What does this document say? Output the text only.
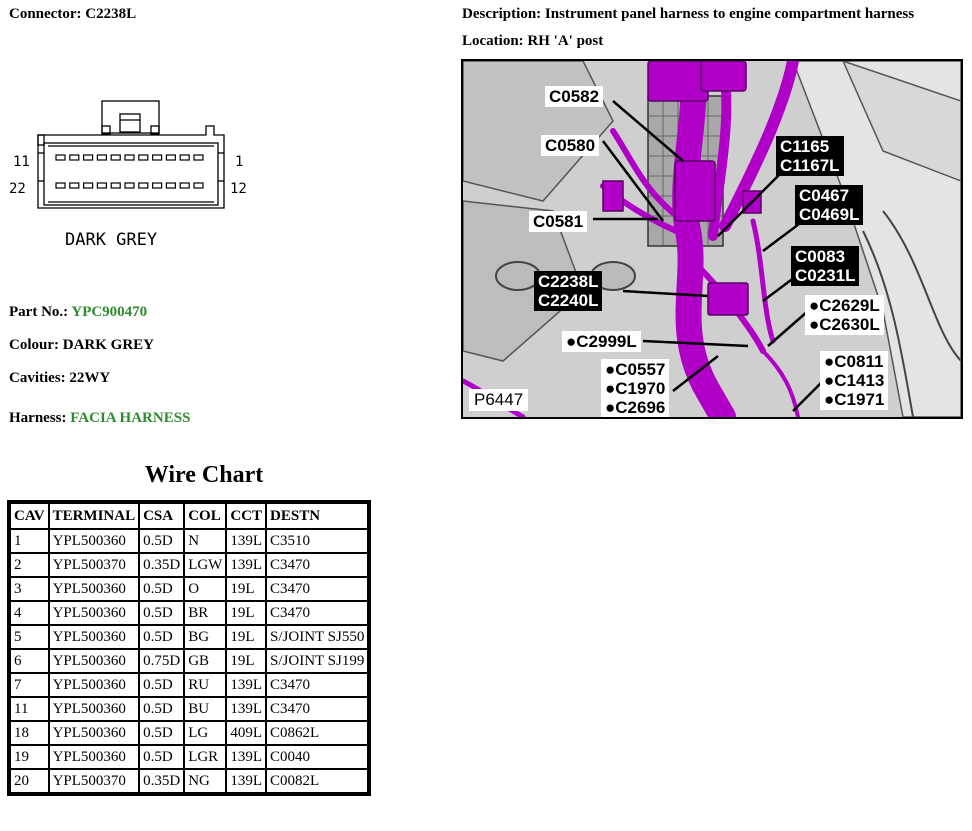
Connector: C2238L	Description: Instrument panel harness to engine compartment harness
Location: RH 'A' post
11	1
22	12
DARK GREY
Part No.: YPC900470
Colour: DARK GREY
Cavities: 22WY
Harness: FACIA HARNESS
Wire Chart
CAV	TERMINAL	CSA	COL	CCT	DESTN
1	YPL500360	0.5D	N	139L	C3510
2	YPL500370	0.35D	LGW	139L	C3470
3	YPL500360	0.5D	O	19L	C3470
4	YPL500360	0.5D	BR	19L	C3470
5	YPL500360	0.5D	BG	19L	S/JOINT SJ550
6	YPL500360	0.75D	GB	19L	S/JOINT SJ199
7	YPL500360	0.5D	RU	139L	C3470
11	YPL500360	0.5D	BU	139L	C3470
18	YPL500360	0.5D	LG	409L	C0862L
19	YPL500360	0.5D	LGR	139L	C0040
20	YPL500370	0.35D	NG	139L	C0082L
C0582
C0580
C0581
C1165
C1167L
C0467
C0469L
C0083
C0231L
C2238L
C2240L	●C2629L
●C2630L
●C2999L
●C0557
●C1970
●C2696
●C0811
●C1413
●C1971
P6447
